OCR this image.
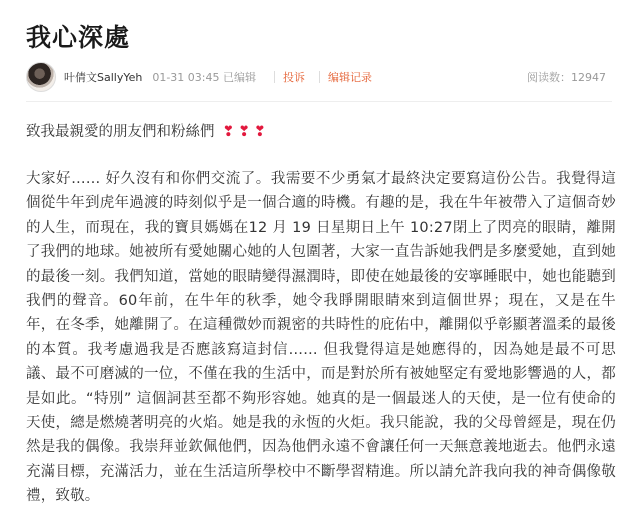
我心深處
叶倩文SallyYeh 01-31 03:45 已编辑 投诉 编辑记录	阅读数：12947

致我最親愛的朋友們和粉絲們 ❣❣❣

大家好…… 好久沒有和你們交流了。我需要不少勇氣才最終決定要寫這份公告。我覺得這個從牛年到虎年過渡的時刻似乎是一個合適的時機。有趣的是，我在牛年被帶入了這個奇妙的人生，而現在，我的寶貝媽媽在12 月 19 日星期日上午 10:27閉上了閃亮的眼睛，離開了我們的地球。她被所有愛她關心她的人包圍著，大家一直告訴她我們是多麼愛她，直到她的最後一刻。我們知道，當她的眼睛變得濕潤時，即使在她最後的安寧睡眠中，她也能聽到我們的聲音。60年前，在牛年的秋季，她令我睜開眼睛來到這個世界；現在，又是在牛年，在冬季，她離開了。在這種微妙而親密的共時性的庇佑中，離開似乎彰顯著溫柔的最後的本質。我考慮過我是否應該寫這封信…… 但我覺得這是她應得的，因為她是最不可思議、最不可磨滅的一位，不僅在我的生活中，而是對於所有被她堅定有愛地影響過的人，都是如此。“特別” 這個詞甚至都不夠形容她。她真的是一個最迷人的天使，是一位有使命的天使，總是燃燒著明亮的火焰。她是我的永恆的火炬。我只能說，我的父母曾經是，現在仍然是我的偶像。我崇拜並欽佩他們，因為他們永遠不會讓任何一天無意義地逝去。他們永遠充滿目標，充滿活力，並在生活這所學校中不斷學習精進。所以請允許我向我的神奇偶像敬禮，致敬。
